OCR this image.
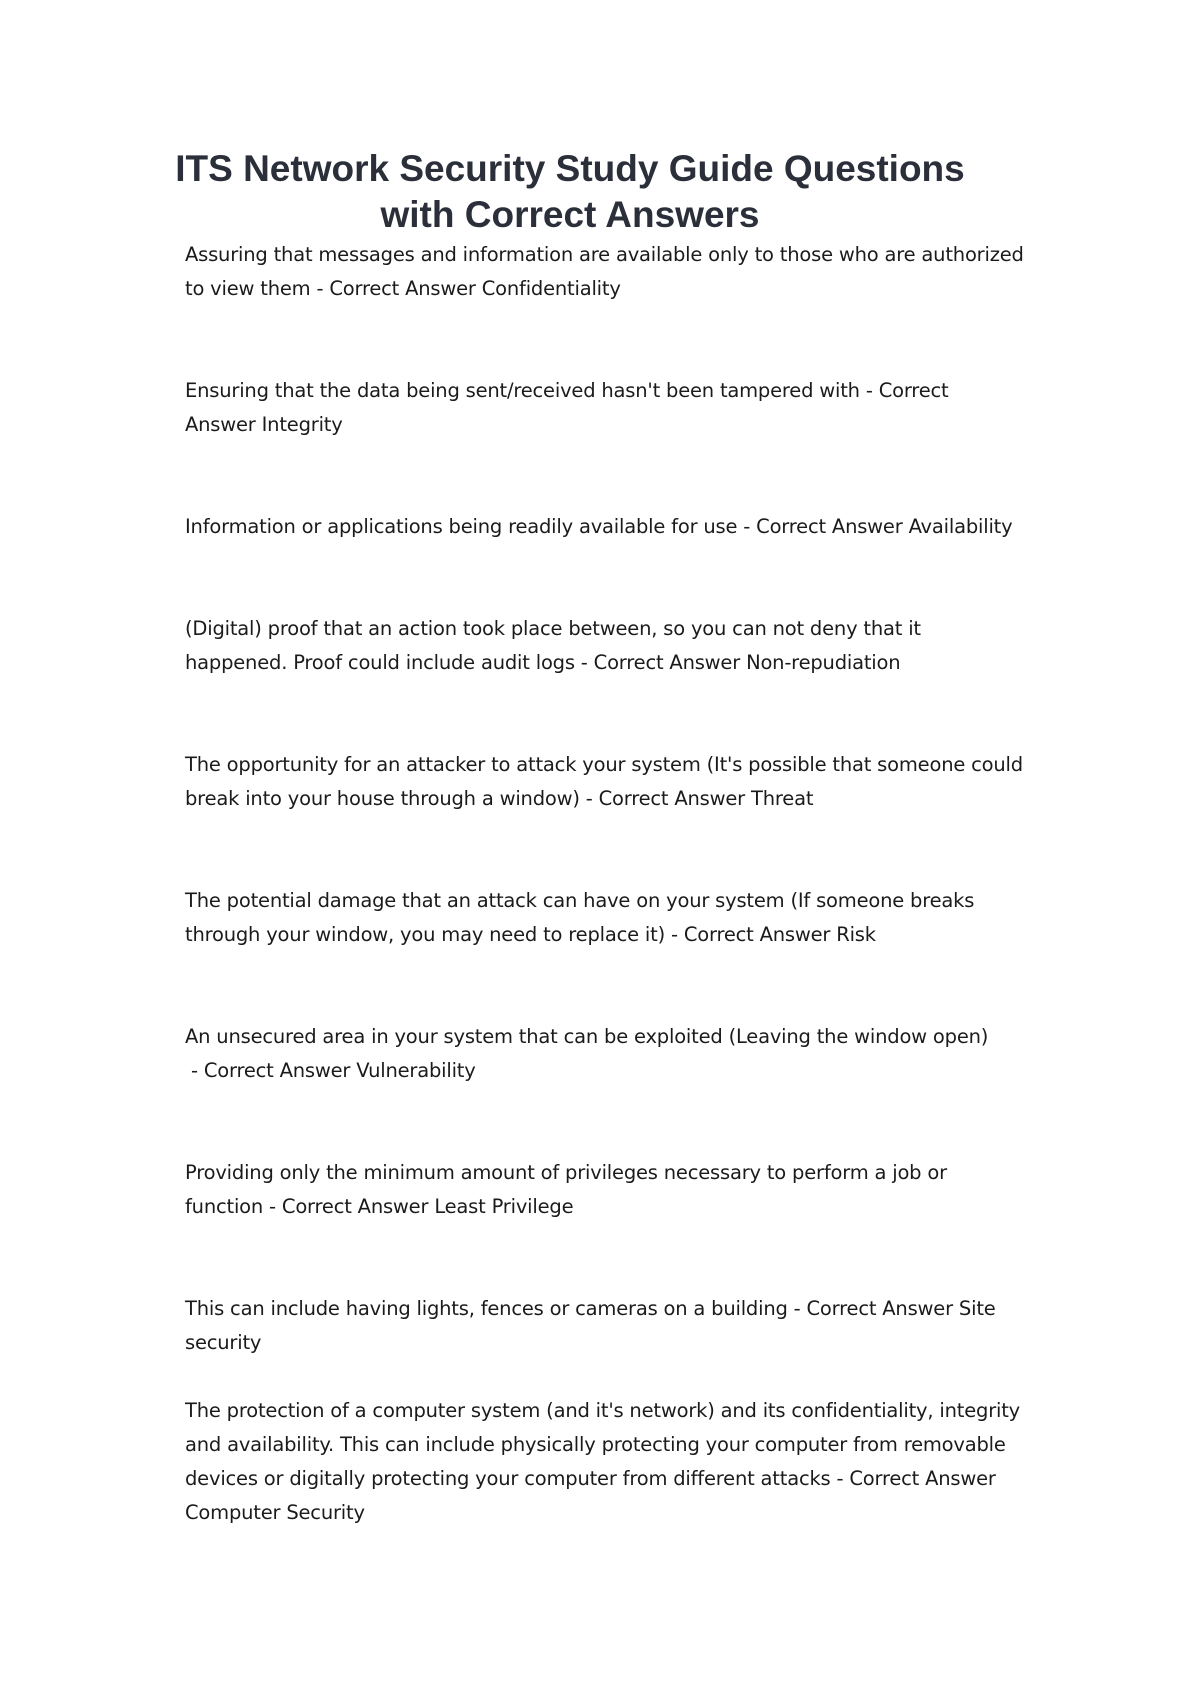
ITS Network Security Study Guide Questions with Correct Answers

Assuring that messages and information are available only to those who are authorized to view them - Correct Answer Confidentiality

Ensuring that the data being sent/received hasn't been tampered with - Correct Answer Integrity

Information or applications being readily available for use - Correct Answer Availability

(Digital) proof that an action took place between, so you can not deny that it happened. Proof could include audit logs - Correct Answer Non-repudiation

The opportunity for an attacker to attack your system (It's possible that someone could break into your house through a window) - Correct Answer Threat

The potential damage that an attack can have on your system (If someone breaks through your window, you may need to replace it) - Correct Answer Risk

An unsecured area in your system that can be exploited (Leaving the window open) - Correct Answer Vulnerability

Providing only the minimum amount of privileges necessary to perform a job or function - Correct Answer Least Privilege

This can include having lights, fences or cameras on a building - Correct Answer Site security

The protection of a computer system (and it's network) and its confidentiality, integrity and availability. This can include physically protecting your computer from removable devices or digitally protecting your computer from different attacks - Correct Answer Computer Security
